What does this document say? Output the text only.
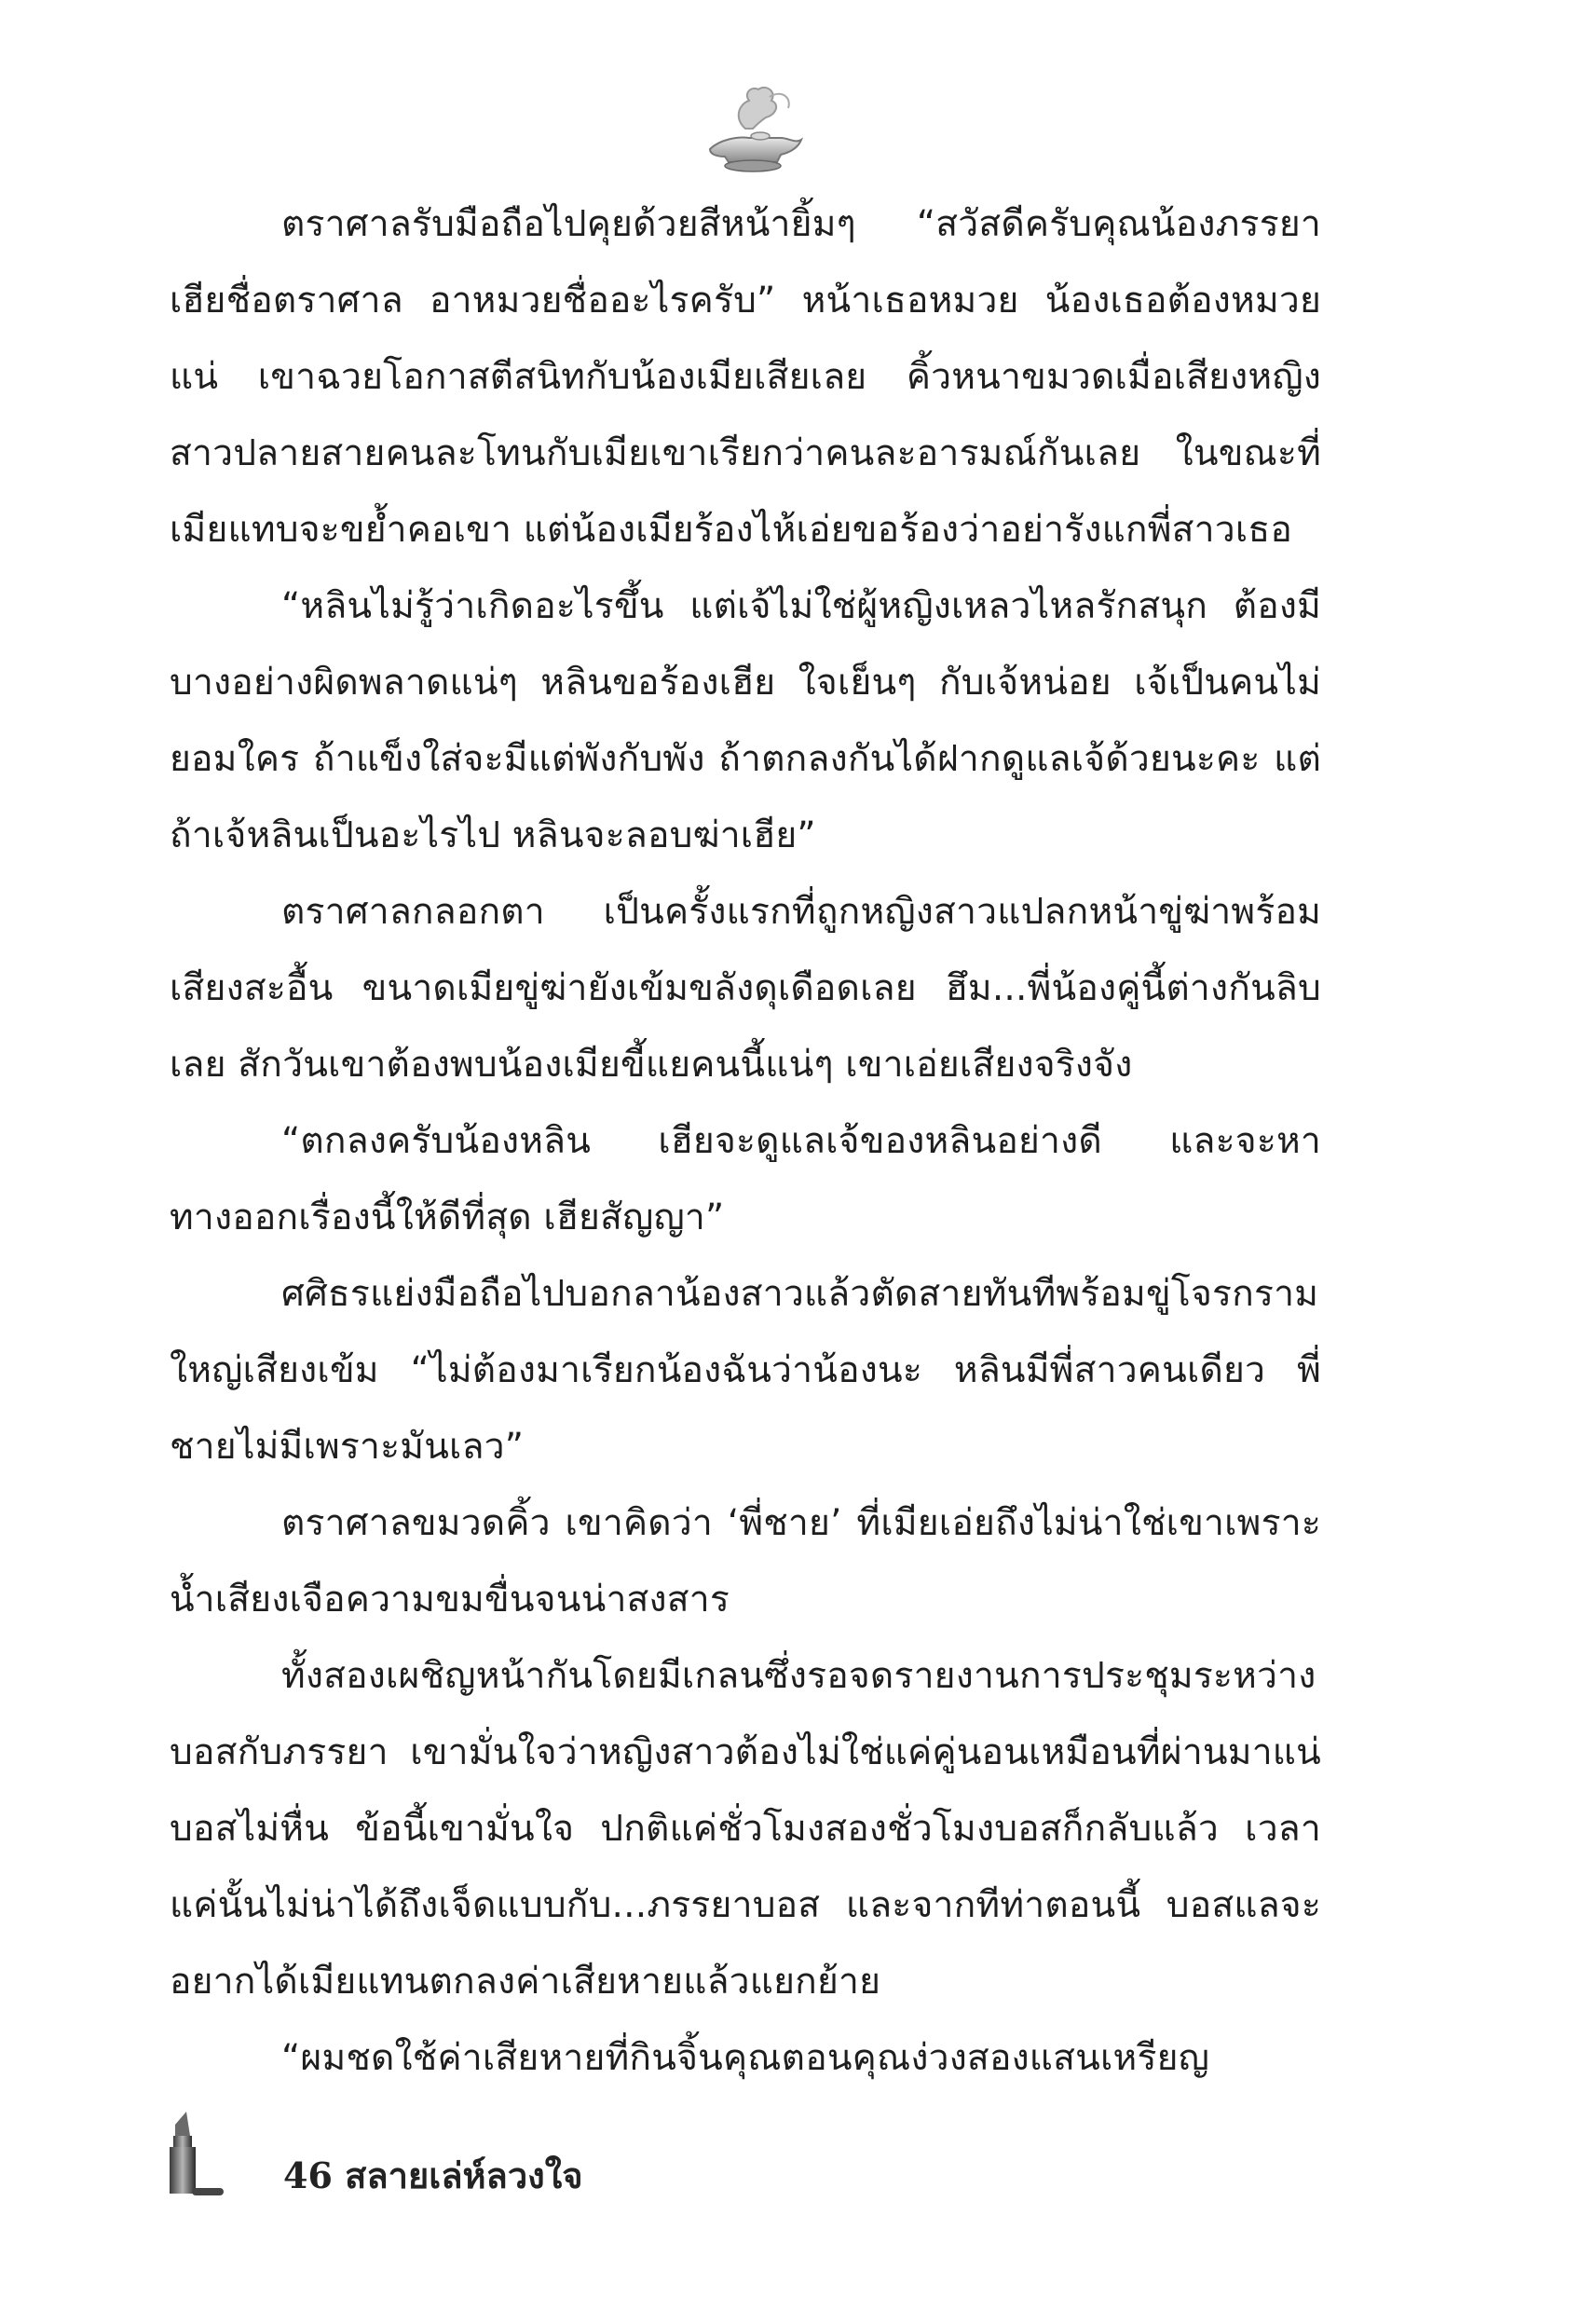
ตราศาลรับมือถือไปคุยด้วยสีหน้ายิ้มๆ “สวัสดีครับคุณน้องภรรยา เฮียชื่อตราศาล อาหมวยชื่ออะไรครับ” หน้าเธอหมวย น้องเธอต้องหมวยแน่ เขาฉวยโอกาสตีสนิทกับน้องเมียเสียเลย คิ้วหนาขมวดเมื่อเสียงหญิงสาวปลายสายคนละโทนกับเมียเขาเรียกว่าคนละอารมณ์กันเลย ในขณะที่เมียแทบจะขย้ำคอเขา แต่น้องเมียร้องไห้เอ่ยขอร้องว่าอย่ารังแกพี่สาวเธอ

“หลินไม่รู้ว่าเกิดอะไรขึ้น แต่เจ้ไม่ใช่ผู้หญิงเหลวไหลรักสนุก ต้องมีบางอย่างผิดพลาดแน่ๆ หลินขอร้องเฮีย ใจเย็นๆ กับเจ้หน่อย เจ้เป็นคนไม่ยอมใคร ถ้าแข็งใส่จะมีแต่พังกับพัง ถ้าตกลงกันได้ฝากดูแลเจ้ด้วยนะคะ แต่ถ้าเจ้หลินเป็นอะไรไป หลินจะลอบฆ่าเฮีย”

ตราศาลกลอกตา เป็นครั้งแรกที่ถูกหญิงสาวแปลกหน้าขู่ฆ่าพร้อมเสียงสะอื้น ขนาดเมียขู่ฆ่ายังเข้มขลังดุเดือดเลย ฮึม...พี่น้องคู่นี้ต่างกันลิบเลย สักวันเขาต้องพบน้องเมียขี้แยคนนี้แน่ๆ เขาเอ่ยเสียงจริงจัง

“ตกลงครับน้องหลิน เฮียจะดูแลเจ้ของหลินอย่างดี และจะหาทางออกเรื่องนี้ให้ดีที่สุด เฮียสัญญา”

ศศิธรแย่งมือถือไปบอกลาน้องสาวแล้วตัดสายทันทีพร้อมขู่โจรกรามใหญ่เสียงเข้ม “ไม่ต้องมาเรียกน้องฉันว่าน้องนะ หลินมีพี่สาวคนเดียว พี่ชายไม่มีเพราะมันเลว”

ตราศาลขมวดคิ้ว เขาคิดว่า ‘พี่ชาย’ ที่เมียเอ่ยถึงไม่น่าใช่เขาเพราะน้ำเสียงเจือความขมขื่นจนน่าสงสาร

ทั้งสองเผชิญหน้ากันโดยมีเกลนซึ่งรอจดรายงานการประชุมระหว่างบอสกับภรรยา เขามั่นใจว่าหญิงสาวต้องไม่ใช่แค่คู่นอนเหมือนที่ผ่านมาแน่ บอสไม่หื่น ข้อนี้เขามั่นใจ ปกติแค่ชั่วโมงสองชั่วโมงบอสก็กลับแล้ว เวลาแค่นั้นไม่น่าได้ถึงเจ็ดแบบกับ...ภรรยาบอส และจากทีท่าตอนนี้ บอสแลจะอยากได้เมียแทนตกลงค่าเสียหายแล้วแยกย้าย

“ผมชดใช้ค่าเสียหายที่กินจิ้นคุณตอนคุณง่วงสองแสนเหรียญ

46 สลายเล่ห์ลวงใจ
